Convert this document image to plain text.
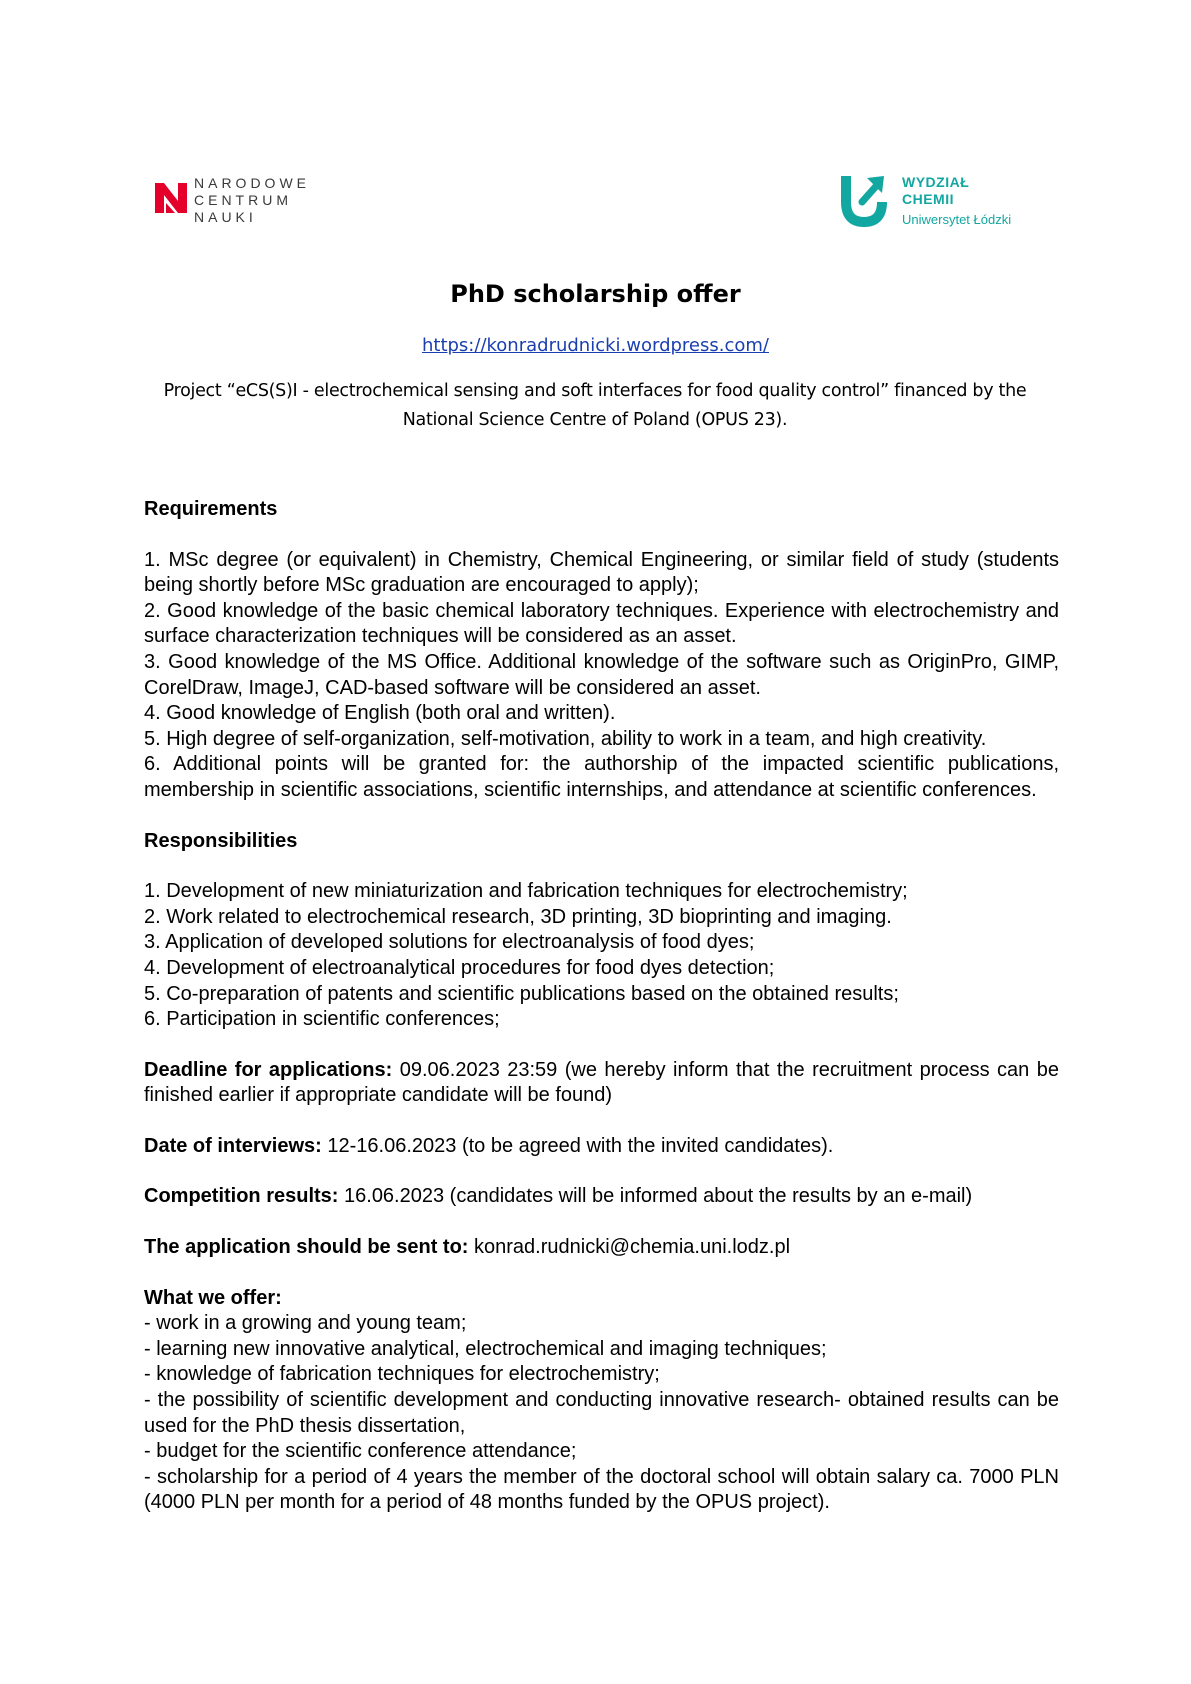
NARODOWE
CENTRUM
NAUKI
WYDZIAŁ
CHEMII
Uniwersytet Łódzki
PhD scholarship offer
https://konradrudnicki.wordpress.com/
Project “eCS(S)I - electrochemical sensing and soft interfaces for food quality control” financed by the National Science Centre of Poland (OPUS 23).

Requirements

1. MSc degree (or equivalent) in Chemistry, Chemical Engineering, or similar field of study (students being shortly before MSc graduation are encouraged to apply);

2. Good knowledge of the basic chemical laboratory techniques. Experience with electrochemistry and surface characterization techniques will be considered as an asset.

3. Good knowledge of the MS Office. Additional knowledge of the software such as OriginPro, GIMP, CorelDraw, ImageJ, CAD-based software will be considered an asset.

4. Good knowledge of English (both oral and written).

5. High degree of self-organization, self-motivation, ability to work in a team, and high creativity.

6. Additional points will be granted for: the authorship of the impacted scientific publications, membership in scientific associations, scientific internships, and attendance at scientific conferences.

Responsibilities

1. Development of new miniaturization and fabrication techniques for electrochemistry;

2. Work related to electrochemical research, 3D printing, 3D bioprinting and imaging.

3. Application of developed solutions for electroanalysis of food dyes;

4. Development of electroanalytical procedures for food dyes detection;

5. Co-preparation of patents and scientific publications based on the obtained results;

6. Participation in scientific conferences;

Deadline for applications: 09.06.2023 23:59 (we hereby inform that the recruitment process can be finished earlier if appropriate candidate will be found)

Date of interviews: 12-16.06.2023 (to be agreed with the invited candidates).

Competition results: 16.06.2023 (candidates will be informed about the results by an e-mail)

The application should be sent to: konrad.rudnicki@chemia.uni.lodz.pl

What we offer:

- work in a growing and young team;

- learning new innovative analytical, electrochemical and imaging techniques;

- knowledge of fabrication techniques for electrochemistry;

- the possibility of scientific development and conducting innovative research- obtained results can be used for the PhD thesis dissertation,

- budget for the scientific conference attendance;

- scholarship for a period of 4 years the member of the doctoral school will obtain salary ca. 7000 PLN (4000 PLN per month for a period of 48 months funded by the OPUS project).
